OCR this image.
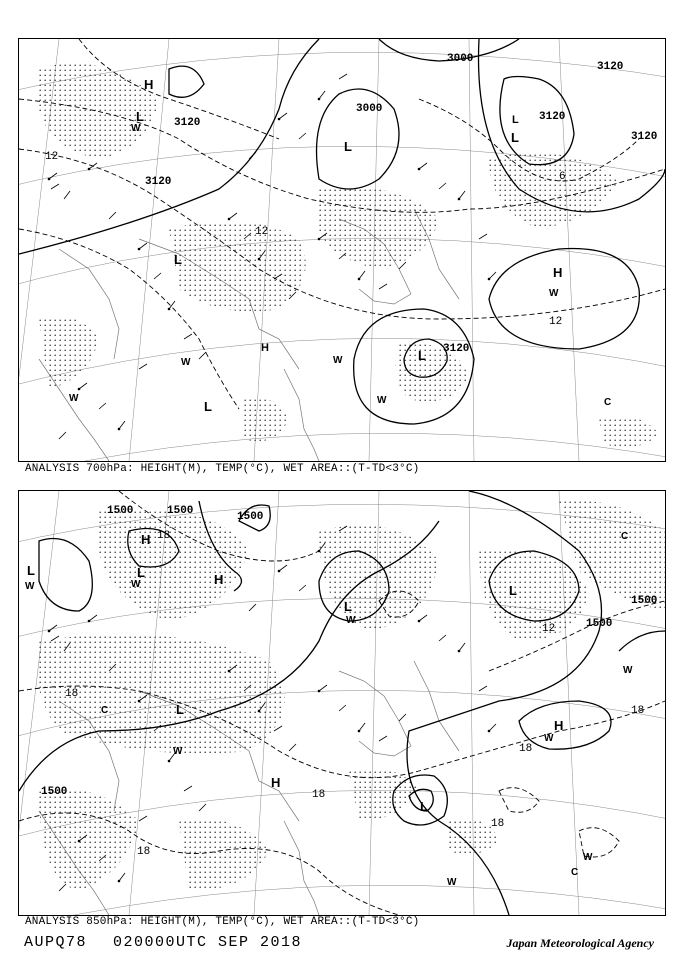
3000
3000
3120
3120
3120
3120
3120
3120
12
12
12
6
H
L
L
L
L
L
L
H
L
H
W
W	W
W
W
W	C
ANALYSIS 700hPa: HEIGHT(M), TEMP(°C), WET AREA::(T-TD<3°C)
1500	1500	1500
1500
1500
1500
18
18
18
18
18
18
18
12
H
L
L
H
L
L
H
L
H
L
W
W
W
W
W
W
W
W
C
C
C
ANALYSIS 850hPa: HEIGHT(M), TEMP(°C), WET AREA::(T-TD<3°C)
AUPQ78 020000UTC SEP 2018	Japan Meteorological Agency
